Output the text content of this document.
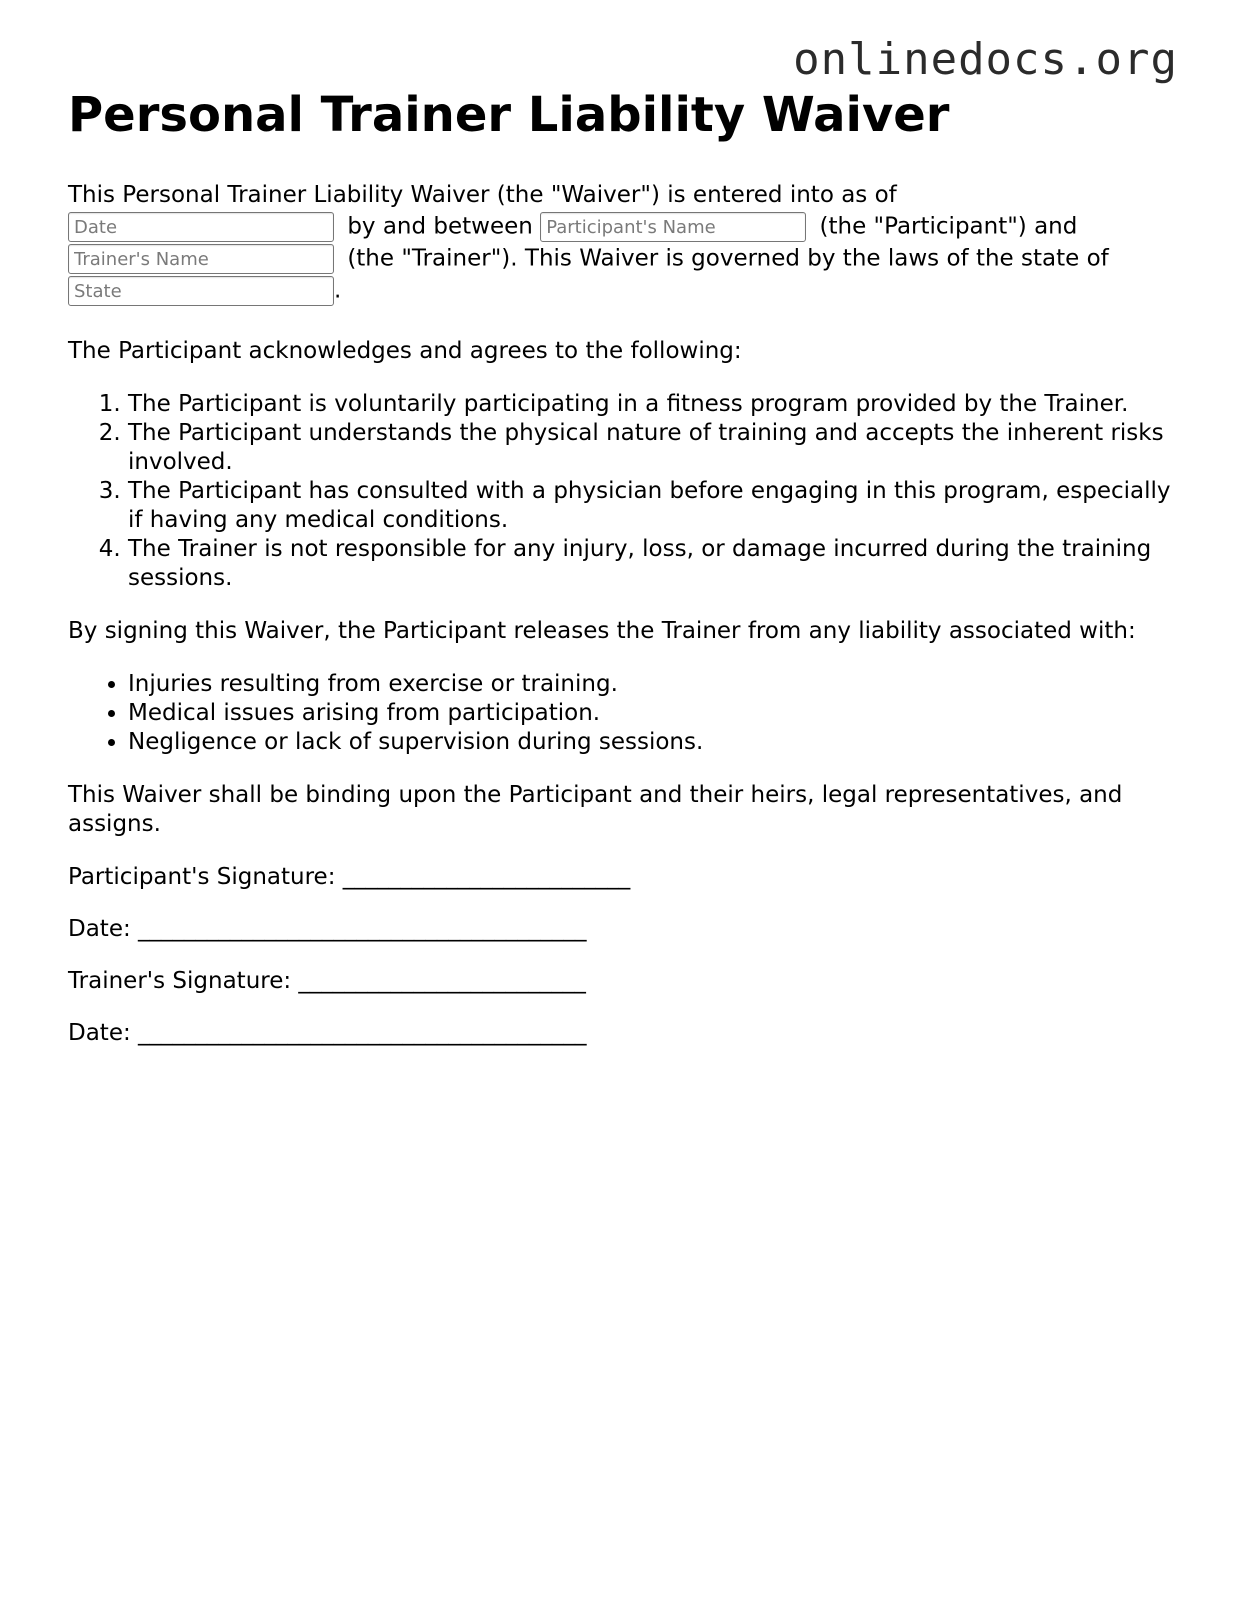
onlinedocs.org
Personal Trainer Liability Waiver

This Personal Trainer Liability Waiver (the "Waiver") is entered into as of
Date by and between Participant's Name	(the "Participant") and
Trainer's Name (the "Trainer"). This Waiver is governed by the laws of the state of
State.

The Participant acknowledges and agrees to the following:

1. The Participant is voluntarily participating in a fitness program provided by the Trainer.
2. The Participant understands the physical nature of training and accepts the inherent risks involved.
3. The Participant has consulted with a physician before engaging in this program, especially if having any medical conditions.
4. The Trainer is not responsible for any injury, loss, or damage incurred during the training sessions.

By signing this Waiver, the Participant releases the Trainer from any liability associated with:

• Injuries resulting from exercise or training.
• Medical issues arising from participation.
• Negligence or lack of supervision during sessions.

This Waiver shall be binding upon the Participant and their heirs, legal representatives, and assigns.

Participant's Signature: _________________________

Date: _______________________________________

Trainer's Signature: _________________________

Date: _______________________________________
